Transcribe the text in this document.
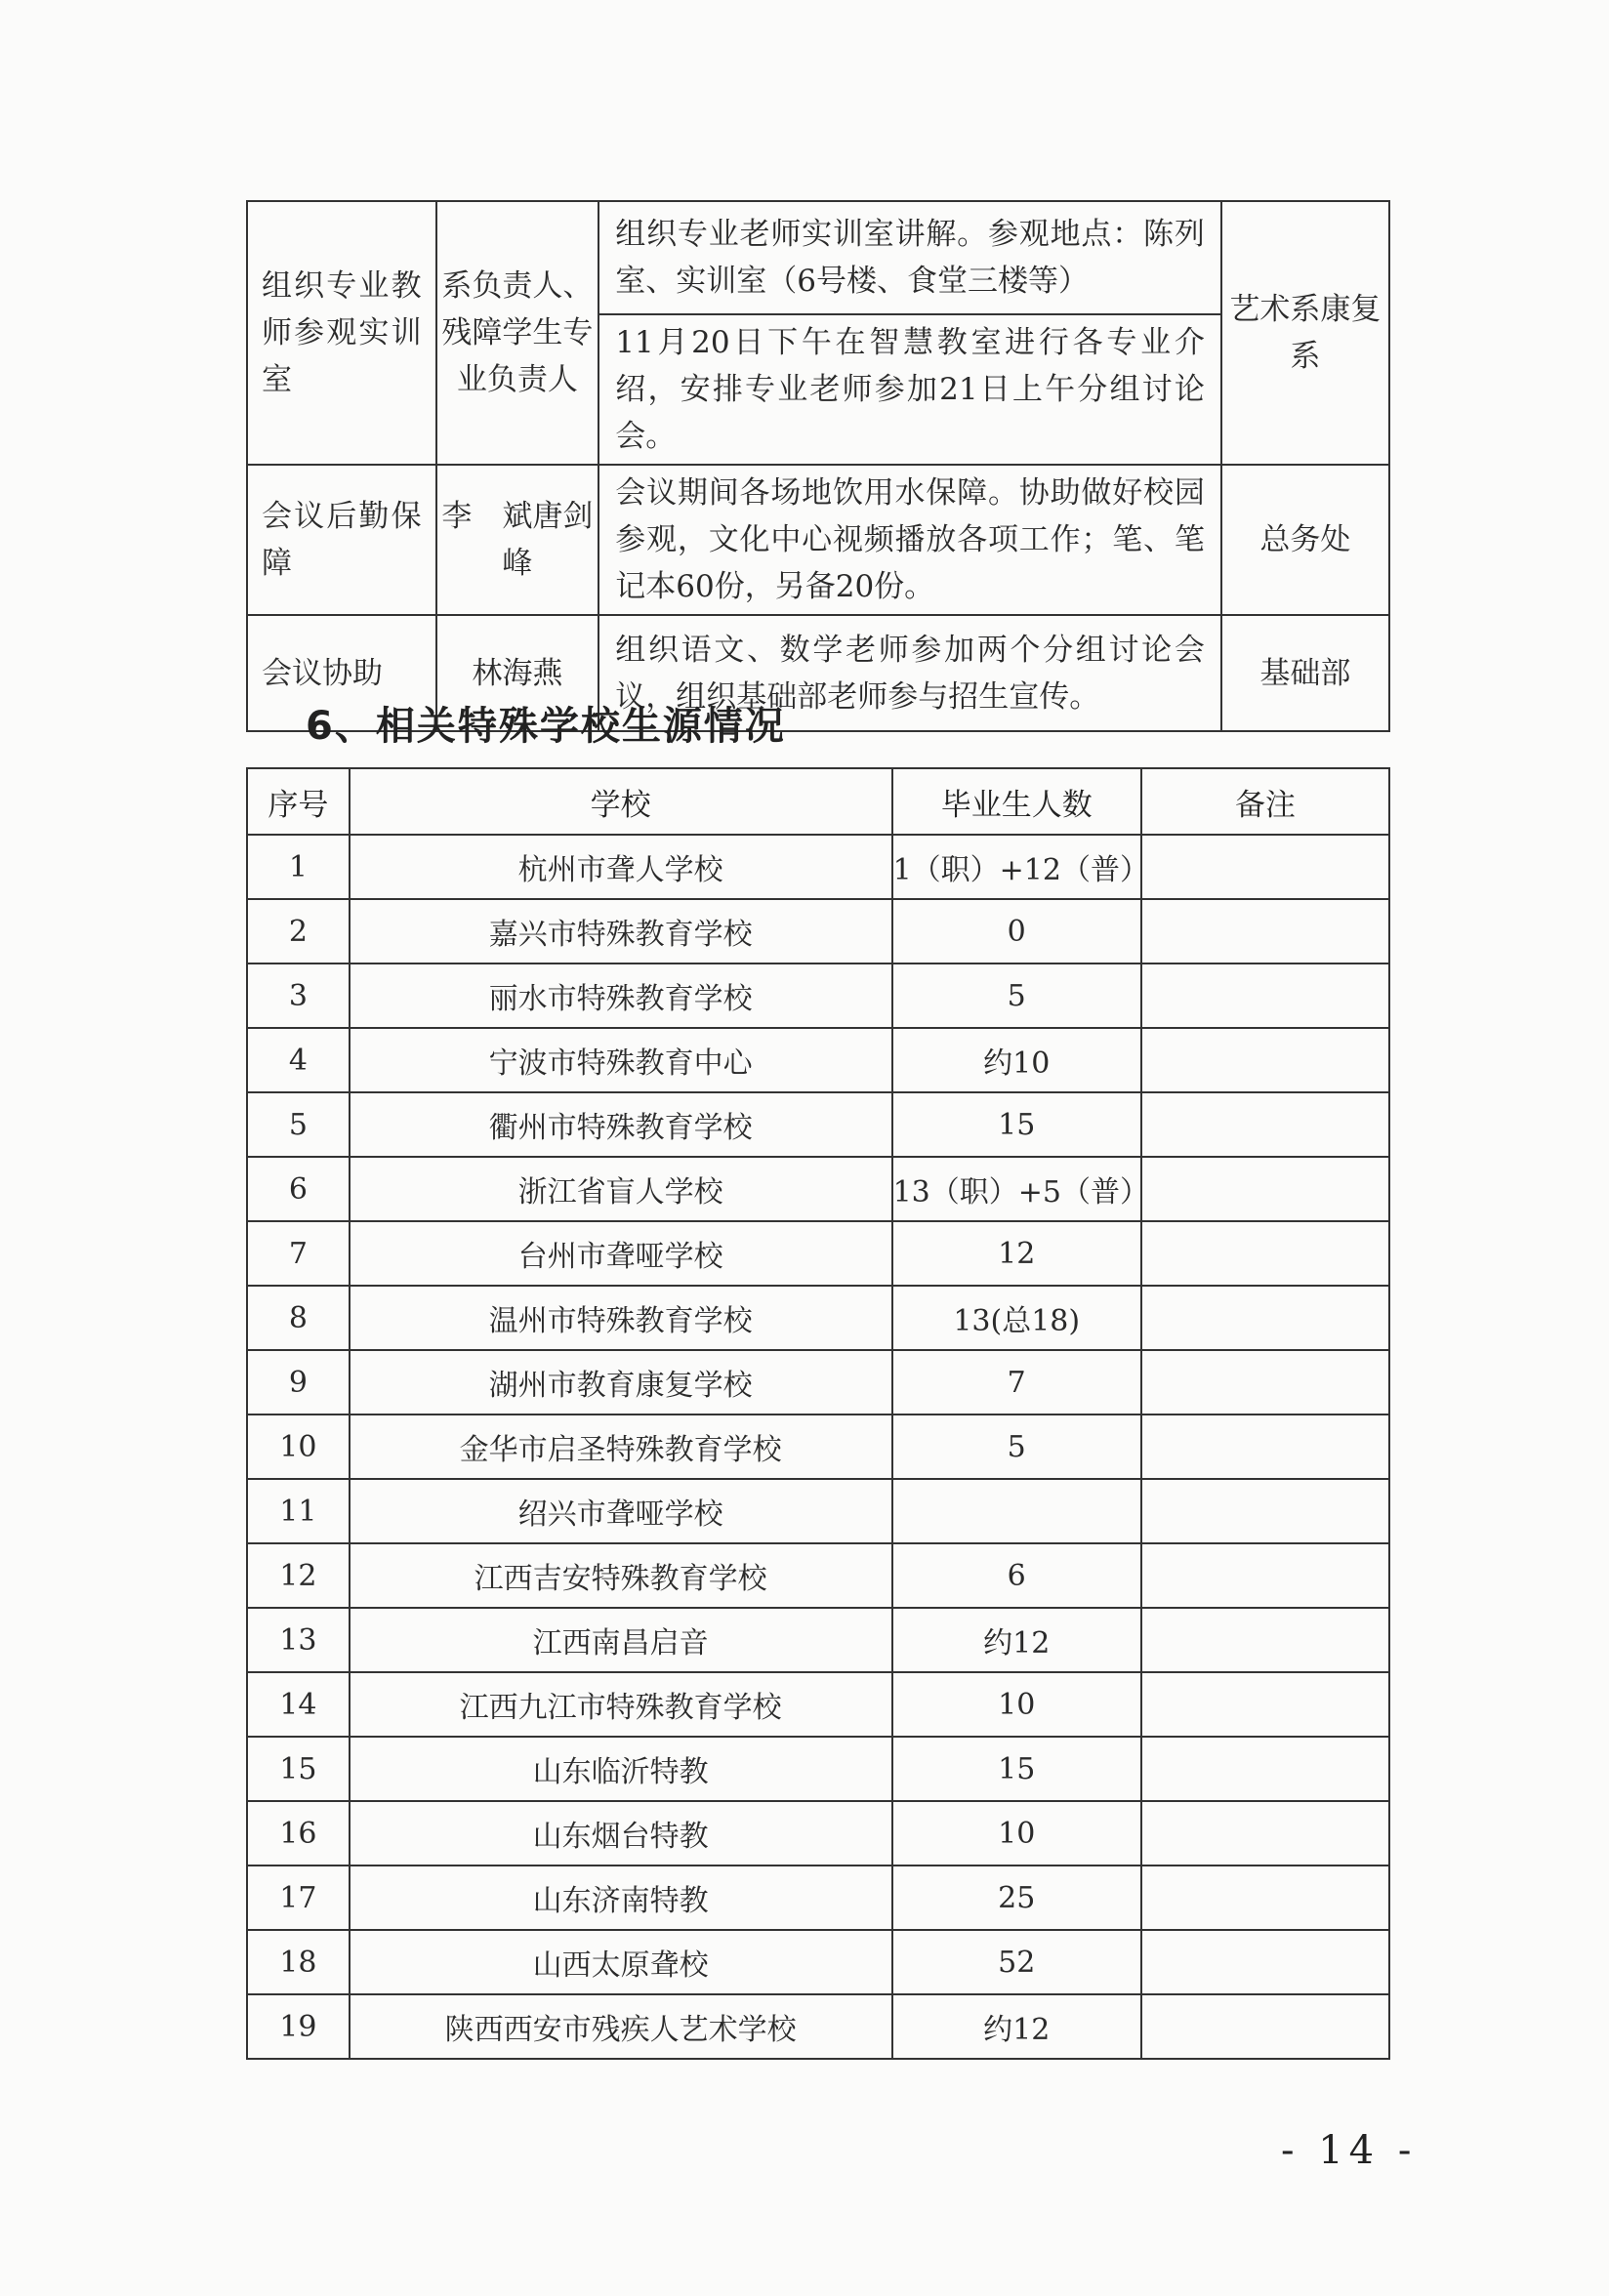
组织专业教师参观实训室	系负责人、残障学生专业负责人	组织专业老师实训室讲解。参观地点：陈列室、实训室（6号楼、食堂三楼等）	艺术系康复系
		11月20日下午在智慧教室进行各专业介绍，安排专业老师参加21日上午分组讨论会。	
会议后勤保障	李　斌唐剑峰	会议期间各场地饮用水保障。协助做好校园参观，文化中心视频播放各项工作；笔、笔记本60份，另备20份。	总务处
会议协助	林海燕	组织语文、数学老师参加两个分组讨论会议，组织基础部老师参与招生宣传。	基础部
6、相关特殊学校生源情况
序号	学校	毕业生人数	备注
1	杭州市聋人学校	1（职）+12（普）	
2	嘉兴市特殊教育学校	0	
3	丽水市特殊教育学校	5	
4	宁波市特殊教育中心	约10	
5	衢州市特殊教育学校	15	
6	浙江省盲人学校	13（职）+5（普）	
7	台州市聋哑学校	12	
8	温州市特殊教育学校	13(总18)	
9	湖州市教育康复学校	7	
10	金华市启圣特殊教育学校	5	
11	绍兴市聋哑学校		
12	江西吉安特殊教育学校	6	
13	江西南昌启音	约12	
14	江西九江市特殊教育学校	10	
15	山东临沂特教	15	
16	山东烟台特教	10	
17	山东济南特教	25	
18	山西太原聋校	52	
19	陕西西安市残疾人艺术学校	约12	
- 14 -
